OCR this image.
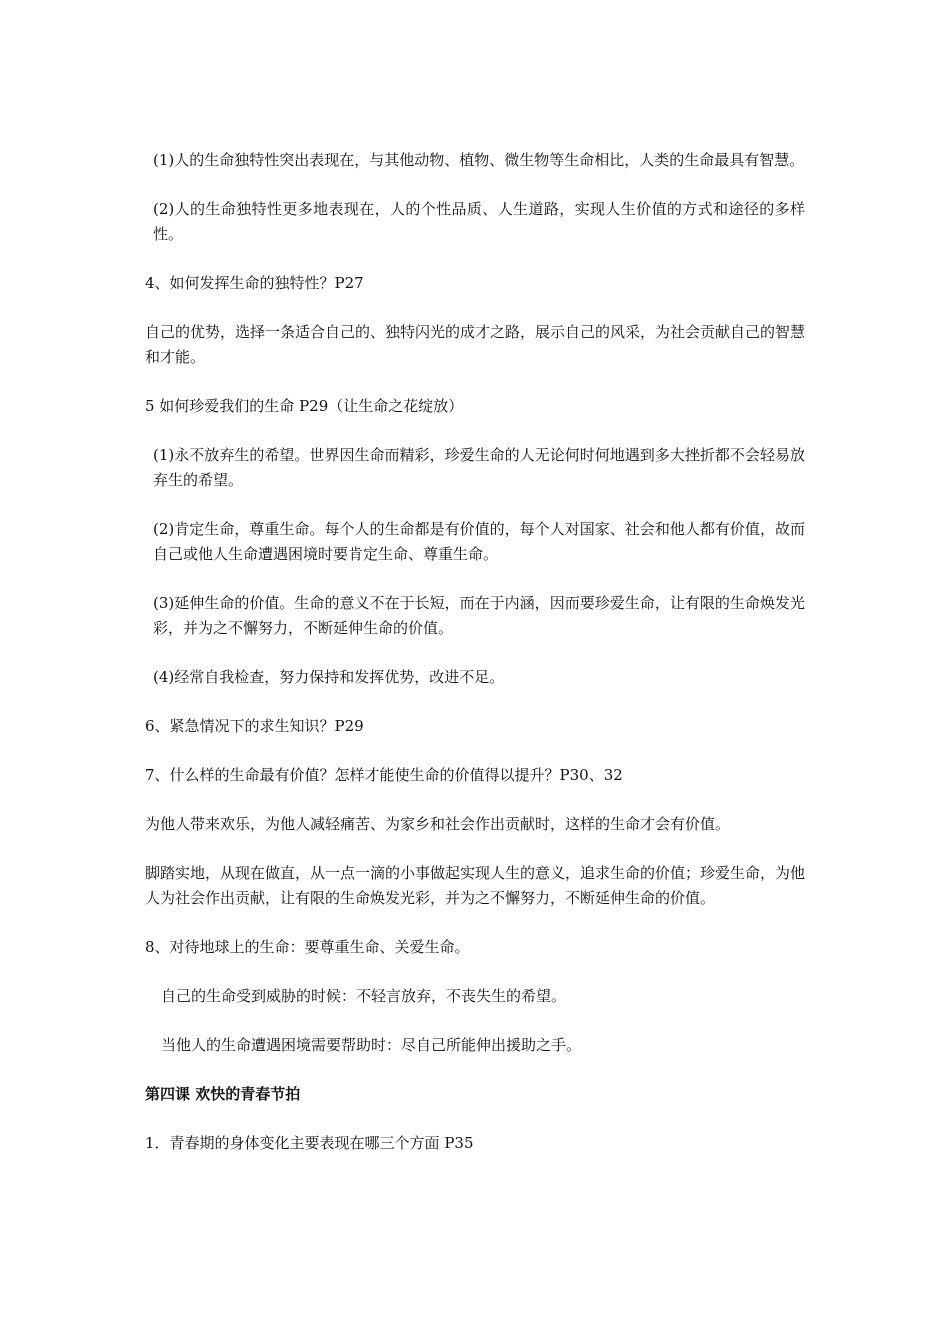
(1)人的生命独特性突出表现在，与其他动物、植物、微生物等生命相比，人类的生命最具有智慧。

(2)人的生命独特性更多地表现在，人的个性品质、人生道路，实现人生价值的方式和途径的多样性。

4、如何发挥生命的独特性？P27

自己的优势，选择一条适合自己的、独特闪光的成才之路，展示自己的风采，为社会贡献自己的智慧和才能。

5 如何珍爱我们的生命 P29（让生命之花绽放）

(1)永不放弃生的希望。世界因生命而精彩，珍爱生命的人无论何时何地遇到多大挫折都不会轻易放弃生的希望。

(2)肯定生命，尊重生命。每个人的生命都是有价值的，每个人对国家、社会和他人都有价值，故而自己或他人生命遭遇困境时要肯定生命、尊重生命。

(3)延伸生命的价值。生命的意义不在于长短，而在于内涵，因而要珍爱生命，让有限的生命焕发光彩，并为之不懈努力，不断延伸生命的价值。

(4)经常自我检查，努力保持和发挥优势，改进不足。

6、紧急情况下的求生知识？P29

7、什么样的生命最有价值？怎样才能使生命的价值得以提升？P30、32

为他人带来欢乐，为他人减轻痛苦、为家乡和社会作出贡献时，这样的生命才会有价值。

脚踏实地，从现在做直，从一点一滴的小事做起实现人生的意义，追求生命的价值；珍爱生命，为他人为社会作出贡献，让有限的生命焕发光彩，并为之不懈努力，不断延伸生命的价值。

8、对待地球上的生命：要尊重生命、关爱生命。

自己的生命受到威胁的时候：不轻言放弃，不丧失生的希望。

当他人的生命遭遇困境需要帮助时：尽自己所能伸出援助之手。

第四课 欢快的青春节拍

1．青春期的身体变化主要表现在哪三个方面 P35
